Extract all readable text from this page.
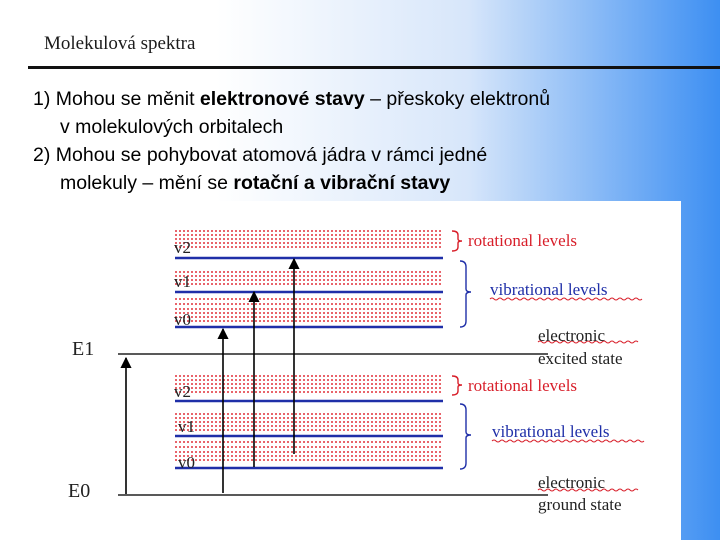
Molekulová spektra

1) Mohou se měnit elektronové stavy – přeskoky elektronů

v molekulových orbitalech

2) Mohou se pohybovat atomová jádra v rámci jedné

molekuly – mění se rotační a vibrační stavy

v2
v1
v0
E1
v2
v1
v0
E0
rotational levels
vibrational levels
electronic
excited state
rotational levels
vibrational levels
electronic
ground state
